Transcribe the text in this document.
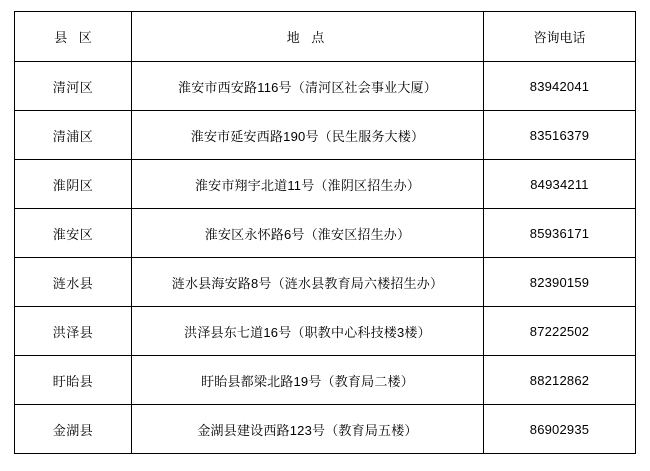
县 区	地 点	咨询电话
清河区	淮安市西安路116号（清河区社会事业大厦）	83942041
清浦区	淮安市延安西路190号（民生服务大楼）	83516379
淮阴区	淮安市翔宇北道11号（淮阴区招生办）	84934211
淮安区	淮安区永怀路6号（淮安区招生办）	85936171
涟水县	涟水县海安路8号（涟水县教育局六楼招生办）	82390159
洪泽县	洪泽县东七道16号（职教中心科技楼3楼）	87222502
盱眙县	盱眙县都梁北路19号（教育局二楼）	88212862
金湖县	金湖县建设西路123号（教育局五楼）	86902935
